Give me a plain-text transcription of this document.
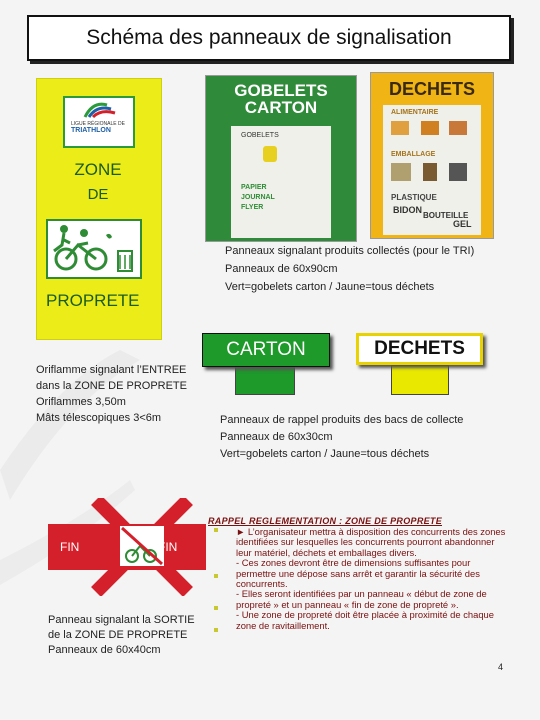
Schéma des panneaux de signalisation
LIGUE RÉGIONALE DE
TRIATHLON
ZONE
DE
PROPRETE
GOBELETS CARTON
GOBELETS
PAPIER
JOURNAL
FLYER
DECHETS
ALIMENTAIRE
EMBALLAGE
PLASTIQUE
BIDON
BOUTEILLE
GEL
Panneaux signalant produits collectés (pour le TRI)
Panneaux de 60x90cm
Vert=gobelets carton / Jaune=tous déchets
CARTON	DECHETS
Oriflamme signalant l’ENTREE
dans la ZONE DE PROPRETE
Oriflammes 3,50m
Mâts télescopiques 3<6m	Panneaux de rappel produits des bacs de collecte
Panneaux de 60x30cm
Vert=gobelets carton / Jaune=tous déchets
FIN	FIN
Panneau signalant la SORTIE
de la ZONE DE PROPRETE
Panneaux de 60x40cm
RAPPEL REGLEMENTATION : ZONE DE PROPRETE
► L’organisateur mettra à disposition des concurrents des zones identifiées sur lesquelles les concurrents pourront abandonner leur matériel, déchets et emballages divers.
- Ces zones devront être de dimensions suffisantes pour permettre une dépose sans arrêt et garantir la sécurité des concurrents.
- Elles seront identifiées par un panneau « début de zone de propreté » et un panneau « fin de zone de propreté ».
- Une zone de propreté doit être placée à proximité de chaque zone de ravitaillement.
4
